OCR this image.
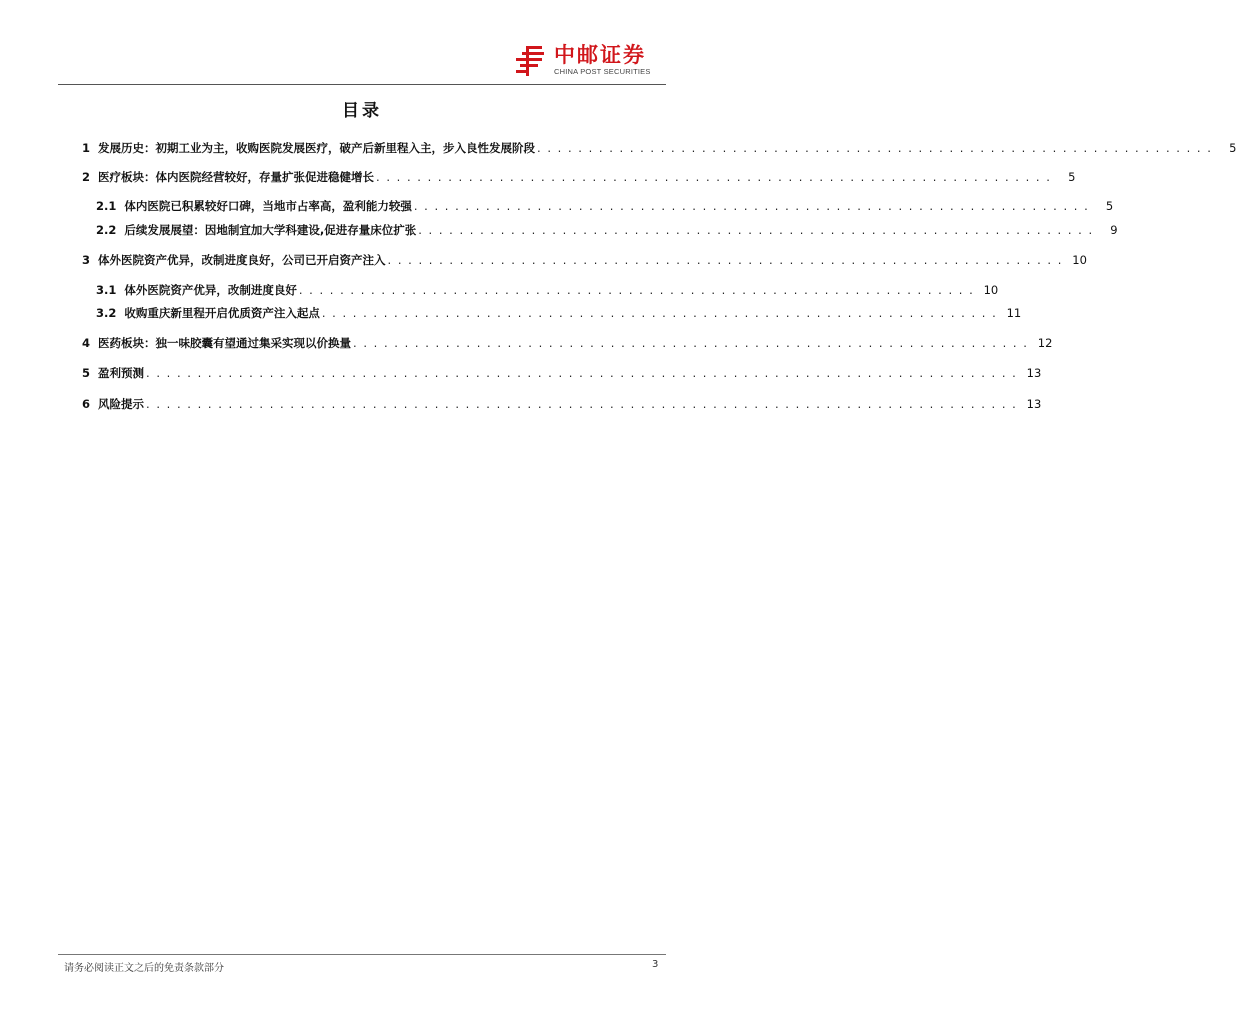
中邮证券
CHINA POST SECURITIES
目录
1 发展历史：初期工业为主，收购医院发展医疗，破产后新里程入主，步入良性发展阶段 . . . . . . . . . . . . . . . . . . . . . . . . . . . . . . . . . . . . . . . . . . . . . . . . . . . . . . . . . . . . . . . . . .	5
2 医疗板块：体内医院经营较好，存量扩张促进稳健增长 . . . . . . . . . . . . . . . . . . . . . . . . . . . . . . . . . . . . . . . . . . . . . . . . . . . . . . . . . . . . . . . . . .	5
2.1 体内医院已积累较好口碑，当地市占率高，盈利能力较强 . . . . . . . . . . . . . . . . . . . . . . . . . . . . . . . . . . . . . . . . . . . . . . . . . . . . . . . . . . . . . . . . . .	5
2.2 后续发展展望：因地制宜加大学科建设,促进存量床位扩张 . . . . . . . . . . . . . . . . . . . . . . . . . . . . . . . . . . . . . . . . . . . . . . . . . . . . . . . . . . . . . . . . . .	9
3 体外医院资产优异，改制进度良好，公司已开启资产注入 . . . . . . . . . . . . . . . . . . . . . . . . . . . . . . . . . . . . . . . . . . . . . . . . . . . . . . . . . . . . . . . . . . 10
3.1 体外医院资产优异，改制进度良好 . . . . . . . . . . . . . . . . . . . . . . . . . . . . . . . . . . . . . . . . . . . . . . . . . . . . . . . . . . . . . . . . . . 10
3.2 收购重庆新里程开启优质资产注入起点 . . . . . . . . . . . . . . . . . . . . . . . . . . . . . . . . . . . . . . . . . . . . . . . . . . . . . . . . . . . . . . . . . . 11
4 医药板块：独一味胶囊有望通过集采实现以价换量 . . . . . . . . . . . . . . . . . . . . . . . . . . . . . . . . . . . . . . . . . . . . . . . . . . . . . . . . . . . . . . . . . . 12
5 盈利预测 . . . . . . . . . . . . . . . . . . . . . . . . . . . . . . . . . . . . . . . . . . . . . . . . . . . . . . . . . . . . . . . . . . . . . . . . . . . . . . . . . . . . . 13
6 风险提示 . . . . . . . . . . . . . . . . . . . . . . . . . . . . . . . . . . . . . . . . . . . . . . . . . . . . . . . . . . . . . . . . . . . . . . . . . . . . . . . . . . . . . 13
请务必阅读正文之后的免责条款部分	3
